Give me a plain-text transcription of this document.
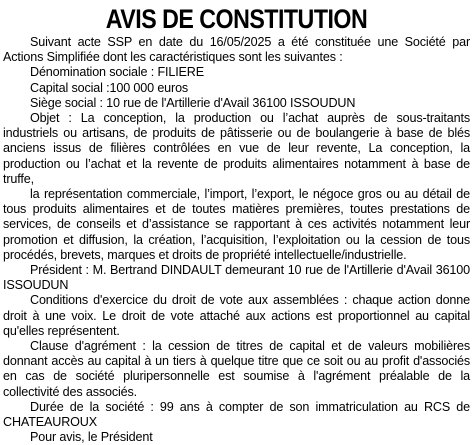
AVIS DE CONSTITUTION

Suivant acte SSP en date du 16/05/2025 a été constituée une Société par Actions Simplifiée dont les caractéristiques sont les suivantes :

Dénomination sociale : FILIERE

Capital social :100 000 euros

Siège social : 10 rue de l'Artillerie d'Avail 36100 ISSOUDUN

Objet : La conception, la production ou l’achat auprès de sous-traitants industriels ou artisans, de produits de pâtisserie ou de boulangerie à base de blés anciens issus de filières contrôlées en vue de leur revente, La conception, la production ou l’achat et la revente de produits alimentaires notamment à base de truffe,

la représentation commerciale, l’import, l’export, le négoce gros ou au détail de tous produits alimentaires et de toutes matières premières, toutes prestations de services, de conseils et d’assistance se rapportant à ces activités notamment leur promotion et diffusion, la création, l’acquisition, l’exploitation ou la cession de tous procédés, brevets, marques et droits de propriété intellectuelle/industrielle.

Président : M. Bertrand DINDAULT demeurant 10 rue de l'Artillerie d'Avail 36100 ISSOUDUN

Conditions d'exercice du droit de vote aux assemblées : chaque action donne droit à une voix. Le droit de vote attaché aux actions est proportionnel au capital qu'elles représentent.

Clause d'agrément : la cession de titres de capital et de valeurs mobilières donnant accès au capital à un tiers à quelque titre que ce soit ou au profit d'associés en cas de société pluripersonnelle est soumise à l'agrément préalable de la collectivité des associés.

Durée de la société : 99 ans à compter de son immatriculation au RCS de CHATEAUROUX

Pour avis, le Président
